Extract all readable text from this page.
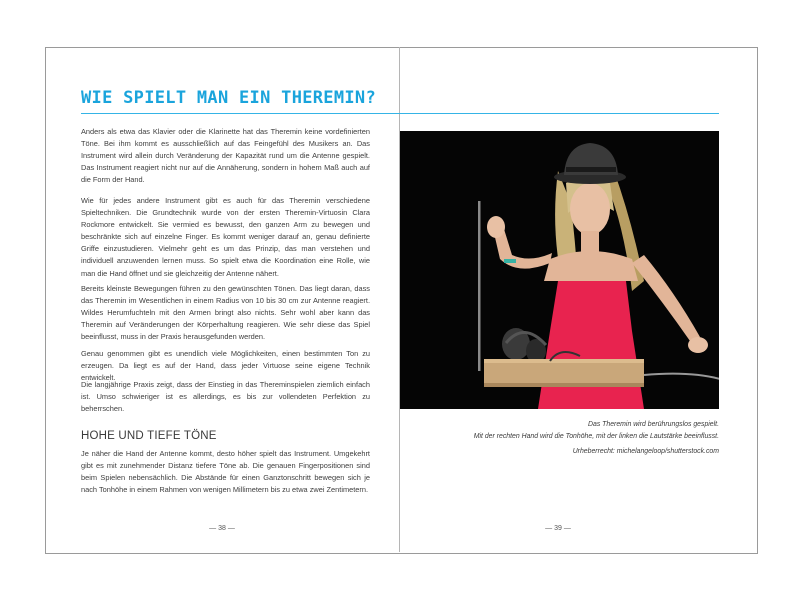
WIE SPIELT MAN EIN THEREMIN?

Anders als etwa das Klavier oder die Klarinette hat das Theremin keine vordefinierten Töne. Bei ihm kommt es ausschließlich auf das Feingefühl des Musikers an. Das Instrument wird allein durch Veränderung der Kapazität rund um die Antenne gespielt. Das Instrument reagiert nicht nur auf die Annäherung, sondern in hohem Maß auch auf die Form der Hand.

Wie für jedes andere Instrument gibt es auch für das Theremin verschiedene Spieltechniken. Die Grundtechnik wurde von der ersten Theremin-Virtuosin Clara Rockmore entwickelt. Sie vermied es bewusst, den ganzen Arm zu bewegen und beschränkte sich auf einzelne Finger. Es kommt weniger darauf an, genau definierte Griffe einzustudieren. Vielmehr geht es um das Prinzip, das man verstehen und individuell anzuwenden lernen muss. So spielt etwa die Koordination eine Rolle, wie man die Hand öffnet und sie gleichzeitig der Antenne nähert.

Bereits kleinste Bewegungen führen zu den gewünschten Tönen. Das liegt daran, dass das Theremin im Wesentlichen in einem Radius von 10 bis 30 cm zur Antenne reagiert. Wildes Herumfuchteln mit den Armen bringt also nichts. Sehr wohl aber kann das Theremin auf Veränderungen der Körperhaltung reagieren. Wie sehr diese das Spiel beeinflusst, muss in der Praxis herausgefunden werden.

Genau genommen gibt es unendlich viele Möglichkeiten, einen bestimmten Ton zu erzeugen. Da liegt es auf der Hand, dass jeder Virtuose seine eigene Technik entwickelt.

Die langjährige Praxis zeigt, dass der Einstieg in das Thereminspielen ziemlich einfach ist. Umso schwieriger ist es allerdings, es bis zur vollendeten Perfektion zu beherrschen.

HOHE UND TIEFE TÖNE

Je näher die Hand der Antenne kommt, desto höher spielt das Instrument. Umgekehrt gibt es mit zunehmender Distanz tiefere Töne ab. Die genauen Fingerpositionen sind beim Spielen nebensächlich. Die Abstände für einen Ganztonschritt bewegen sich je nach Tonhöhe in einem Rahmen von wenigen Millimetern bis zu etwa zwei Zentimetern.

— 38 —
Das Theremin wird berührungslos gespielt.
Mit der rechten Hand wird die Tonhöhe, mit der linken die Lautstärke beeinflusst.
Urheberrecht: michelangeloop/shutterstock.com
— 39 —
